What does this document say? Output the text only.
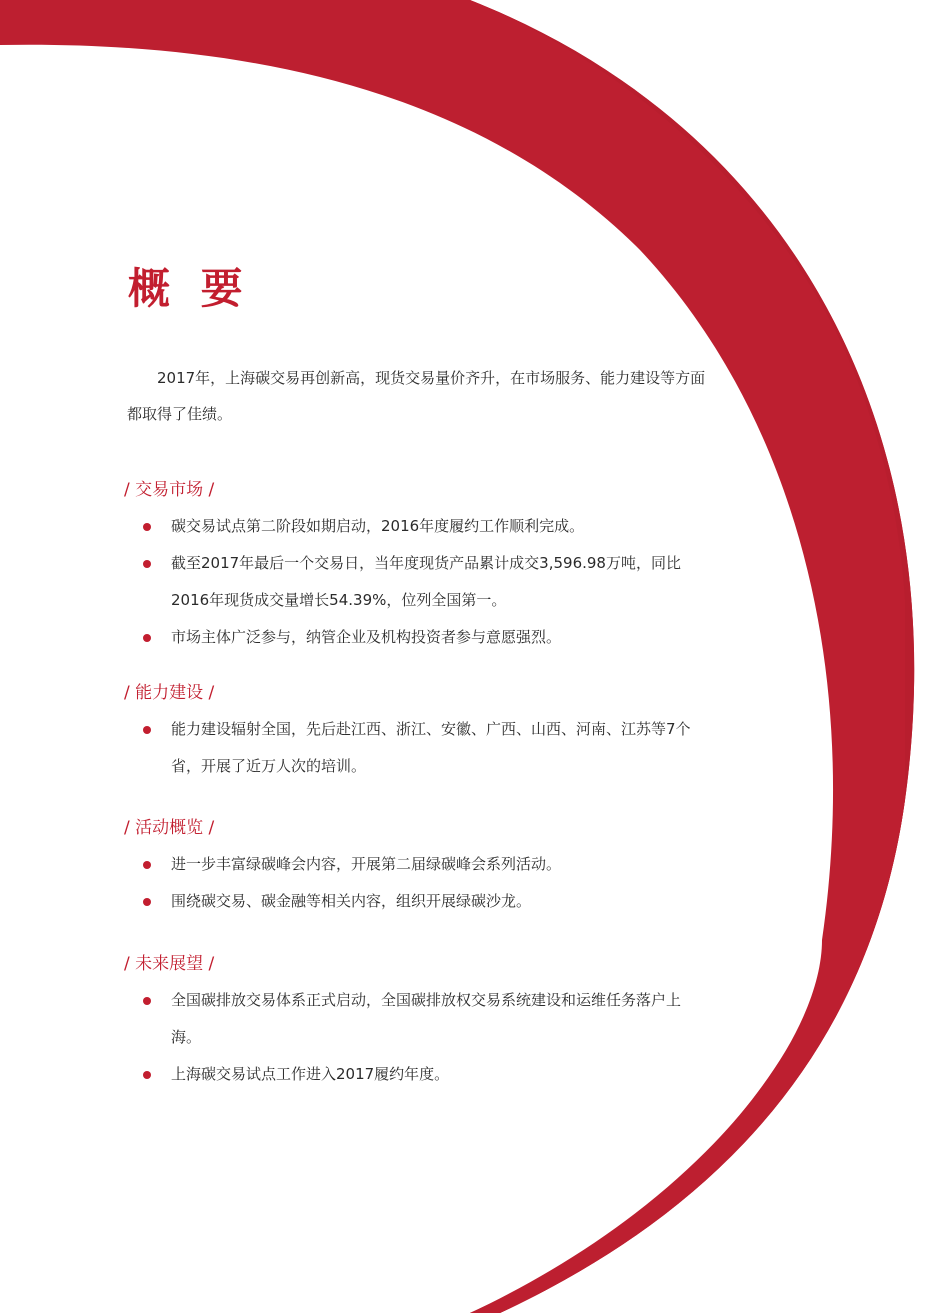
概 要

2017年，上海碳交易再创新高，现货交易量价齐升，在市场服务、能力建设等方面都取得了佳绩。

/ 交易市场 /
碳交易试点第二阶段如期启动，2016年度履约工作顺利完成。
截至2017年最后一个交易日，当年度现货产品累计成交3,596.98万吨，同比2016年现货成交量增长54.39%，位列全国第一。
市场主体广泛参与，纳管企业及机构投资者参与意愿强烈。
/ 能力建设 /
能力建设辐射全国，先后赴江西、浙江、安徽、广西、山西、河南、江苏等7个省，开展了近万人次的培训。
/ 活动概览 /
进一步丰富绿碳峰会内容，开展第二届绿碳峰会系列活动。
围绕碳交易、碳金融等相关内容，组织开展绿碳沙龙。
/ 未来展望 /
全国碳排放交易体系正式启动，全国碳排放权交易系统建设和运维任务落户上海。
上海碳交易试点工作进入2017履约年度。
